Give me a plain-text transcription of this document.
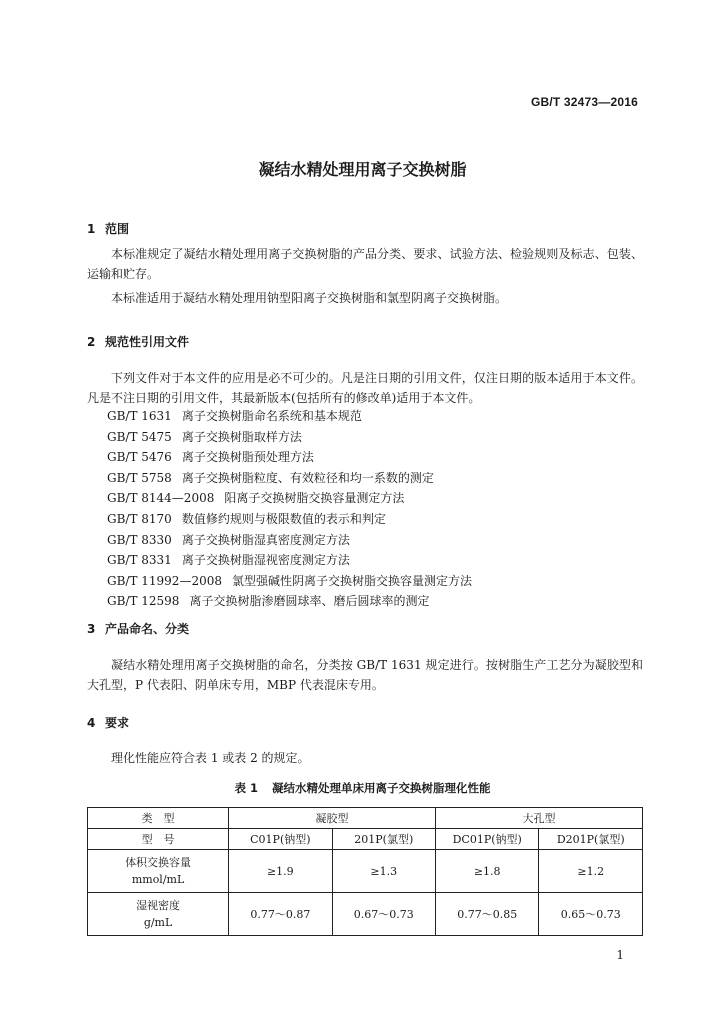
GB/T 32473—2016
凝结水精处理用离子交换树脂
1 范围

本标准规定了凝结水精处理用离子交换树脂的产品分类、要求、试验方法、检验规则及标志、包装、运输和贮存。

本标准适用于凝结水精处理用钠型阳离子交换树脂和氯型阴离子交换树脂。

2 规范性引用文件

下列文件对于本文件的应用是必不可少的。凡是注日期的引用文件，仅注日期的版本适用于本文件。凡是不注日期的引用文件，其最新版本(包括所有的修改单)适用于本文件。

GB/T 1631 离子交换树脂命名系统和基本规范
GB/T 5475 离子交换树脂取样方法
GB/T 5476 离子交换树脂预处理方法
GB/T 5758 离子交换树脂粒度、有效粒径和均一系数的测定
GB/T 8144—2008 阳离子交换树脂交换容量测定方法
GB/T 8170 数值修约规则与极限数值的表示和判定
GB/T 8330 离子交换树脂湿真密度测定方法
GB/T 8331 离子交换树脂湿视密度测定方法
GB/T 11992—2008 氯型强碱性阴离子交换树脂交换容量测定方法
GB/T 12598 离子交换树脂渗磨圆球率、磨后圆球率的测定
3 产品命名、分类

凝结水精处理用离子交换树脂的命名，分类按 GB/T 1631 规定进行。按树脂生产工艺分为凝胶型和大孔型，P 代表阳、阴单床专用，MBP 代表混床专用。

4 要求

理化性能应符合表 1 或表 2 的规定。

表 1 凝结水精处理单床用离子交换树脂理化性能
类　型	凝胶型		大孔型	
型　号	C01P(钠型)	201P(氯型)	DC01P(钠型)	D201P(氯型)

体积交换容量
mmol/mL	≥1.9	≥1.3	≥1.8	≥1.2

湿视密度
g/mL	0.77～0.87	0.67～0.73	0.77～0.85	0.65～0.73
1
